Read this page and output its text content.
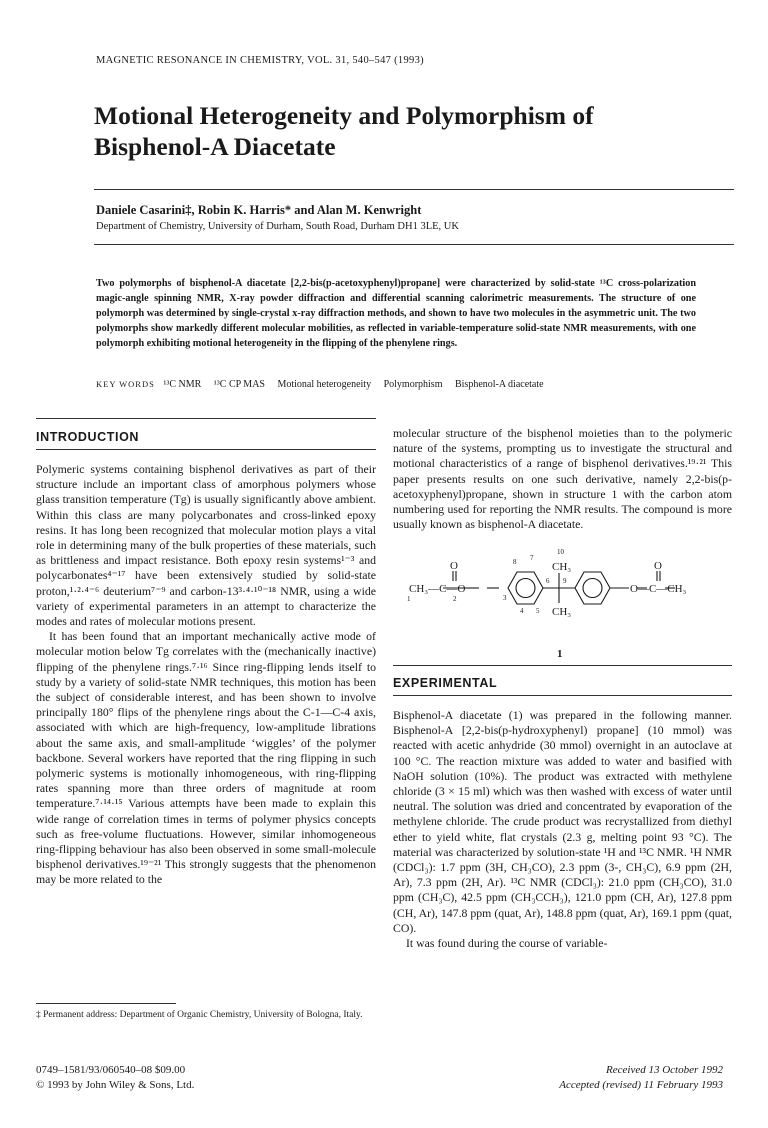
MAGNETIC RESONANCE IN CHEMISTRY, VOL. 31, 540–547 (1993)
Motional Heterogeneity and Polymorphism of
Bisphenol-A Diacetate
Daniele Casarini‡, Robin K. Harris* and Alan M. Kenwright
Department of Chemistry, University of Durham, South Road, Durham DH1 3LE, UK
Two polymorphs of bisphenol-A diacetate [2,2-bis(p-acetoxyphenyl)propane] were characterized by solid-state ¹³C cross-polarization magic-angle spinning NMR, X-ray powder diffraction and differential scanning calorimetric measurements. The structure of one polymorph was determined by single-crystal x-ray diffraction methods, and shown to have two molecules in the asymmetric unit. The two polymorphs show markedly different molecular mobilities, as reflected in variable-temperature solid-state NMR measurements, with one polymorph exhibiting motional heterogeneity in the flipping of the phenylene rings.
KEY WORDS ¹³C NMR ¹³C CP MAS Motional heterogeneity Polymorphism Bisphenol-A diacetate
INTRODUCTION

Polymeric systems containing bisphenol derivatives as part of their structure include an important class of amorphous polymers whose glass transition temperature (Tg) is usually significantly above ambient. Within this class are many polycarbonates and cross-linked epoxy resins. It has long been recognized that molecular motion plays a vital role in determining many of the bulk properties of these materials, such as brittleness and impact resistance. Both epoxy resin systems¹⁻³ and polycarbonates⁴⁻¹⁷ have been extensively studied by solid-state proton,¹·²·⁴⁻⁶ deuterium⁷⁻⁹ and carbon-13³·⁴·¹⁰⁻¹⁸ NMR, using a wide variety of experimental parameters in an attempt to characterize the modes and rates of molecular motions present.

It has been found that an important mechanically active mode of molecular motion below Tg correlates with the (mechanically inactive) flipping of the phenylene rings.⁷·¹⁶ Since ring-flipping lends itself to study by a variety of solid-state NMR techniques, this motion has been the subject of considerable interest, and has been shown to involve principally 180° flips of the phenylene rings about the C-1—C-4 axis, associated with which are high-frequency, low-amplitude librations about the same axis, and small-amplitude ‘wiggles’ of the polymer backbone. Several workers have reported that the ring flipping in such polymeric systems is motionally inhomogeneous, with ring-flipping rates spanning more than three orders of magnitude at room temperature.⁷·¹⁴·¹⁵ Various attempts have been made to explain this wide range of correlation times in terms of polymer physics concepts such as free-volume fluctuations. However, similar inhomogeneous ring-flipping behaviour has also been observed in some small-molecule bisphenol derivatives.¹⁹⁻²¹ This strongly suggests that the phenomenon may be more related to the

‡ Permanent address: Department of Organic Chemistry, University of Bologna, Italy.

molecular structure of the bisphenol moieties than to the polymeric nature of the systems, prompting us to investigate the structural and motional characteristics of a range of bisphenol derivatives.¹⁹·²¹ This paper presents results on one such derivative, namely 2,2-bis(p-acetoxyphenyl)propane, shown in structure 1 with the carbon atom numbering used for reporting the NMR results. The compound is more usually known as bisphenol-A diacetate.

CH₃—C—O
O	O
O—C—CH₃
CH₃
CH₃
10
8 7
6 9
3
4 5
1	2
1
EXPERIMENTAL

Bisphenol-A diacetate (1) was prepared in the following manner. Bisphenol-A [2,2-bis(p-hydroxyphenyl) propane] (10 mmol) was reacted with acetic anhydride (30 mmol) overnight in an autoclave at 100 °C. The reaction mixture was added to water and basified with NaOH solution (10%). The product was extracted with methylene chloride (3 × 15 ml) which was then washed with excess of water until neutral. The solution was dried and concentrated by evaporation of the methylene chloride. The crude product was recrystallized from diethyl ether to yield white, flat crystals (2.3 g, melting point 93 °C). The material was characterized by solution-state ¹H and ¹³C NMR. ¹H NMR (CDCl₃): 1.7 ppm (3H, CH₃CO), 2.3 ppm (3-, CH₃C), 6.9 ppm (2H, Ar), 7.3 ppm (2H, Ar). ¹³C NMR (CDCl₃): 21.0 ppm (CH₃CO), 31.0 ppm (CH₃C), 42.5 ppm (CH₃CCH₃), 121.0 ppm (CH, Ar), 127.8 ppm (CH, Ar), 147.8 ppm (quat, Ar), 148.8 ppm (quat, Ar), 169.1 ppm (quat, CO).

It was found during the course of variable-

0749–1581/93/060540–08 $09.00
© 1993 by John Wiley & Sons, Ltd.
Received 13 October 1992
Accepted (revised) 11 February 1993
